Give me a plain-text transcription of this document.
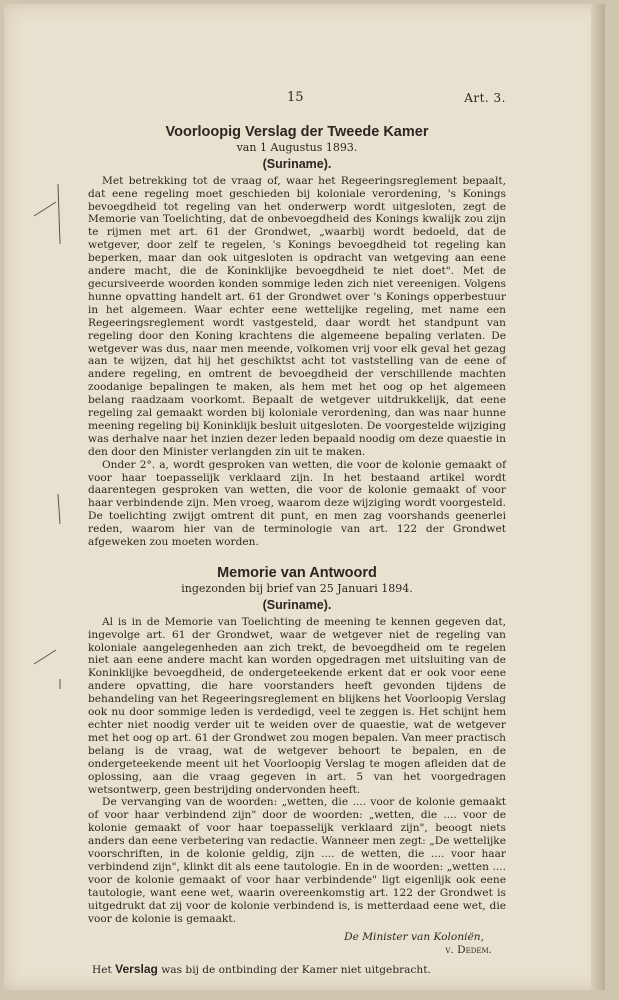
15	Art. 3.
Voorloopig Verslag der Tweede Kamer
van 1 Augustus 1893.
(Suriname).

Met betrekking tot de vraag of, waar het Regeeringsreglement bepaalt, dat eene regeling moet geschieden bij koloniale verordening, 's Konings bevoegdheid tot regeling van het onderwerp wordt uitgesloten, zegt de Memorie van Toelichting, dat de onbevoegdheid des Konings kwalijk zou zijn te rijmen met art. 61 der Grondwet, „waarbij wordt bedoeld, dat de wetgever, door zelf te regelen, 's Konings bevoegdheid tot regeling kan beperken, maar dan ook uitgesloten is opdracht van wetgeving aan eene andere macht, die de Koninklijke bevoegdheid te niet doet". Met de gecursiveerde woorden konden sommige leden zich niet vereenigen. Volgens hunne opvatting handelt art. 61 der Grondwet over 's Konings opperbestuur in het algemeen. Waar echter eene wettelijke regeling, met name een Regeeringsreglement wordt vastgesteld, daar wordt het standpunt van regeling door den Koning krachtens die algemeene bepaling verlaten. De wetgever was dus, naar men meende, volkomen vrij voor elk geval het gezag aan te wijzen, dat hij het geschiktst acht tot vaststelling van de eene of andere regeling, en omtrent de bevoegdheid der verschillende machten zoodanige bepalingen te maken, als hem met het oog op het algemeen belang raadzaam voorkomt. Bepaalt de wetgever uitdrukkelijk, dat eene regeling zal gemaakt worden bij koloniale verordening, dan was naar hunne meening regeling bij Koninklijk besluit uitgesloten. De voorgestelde wijziging was derhalve naar het inzien dezer leden bepaald noodig om deze quaestie in den door den Minister verlangden zin uit te maken.

Onder 2°. a, wordt gesproken van wetten, die voor de kolonie gemaakt of voor haar toepasselijk verklaard zijn. In het bestaand artikel wordt daarentegen gesproken van wetten, die voor de kolonie gemaakt of voor haar verbindende zijn. Men vroeg, waarom deze wijziging wordt voorgesteld. De toelichting zwijgt omtrent dit punt, en men zag voorshands geenerlei reden, waarom hier van de terminologie van art. 122 der Grondwet afgeweken zou moeten worden.

Memorie van Antwoord
ingezonden bij brief van 25 Januari 1894.
(Suriname).

Al is in de Memorie van Toelichting de meening te kennen gegeven dat, ingevolge art. 61 der Grondwet, waar de wetgever niet de regeling van koloniale aangelegenheden aan zich trekt, de bevoegdheid om te regelen niet aan eene andere macht kan worden opgedragen met uitsluiting van de Koninklijke bevoegdheid, de ondergeteekende erkent dat er ook voor eene andere opvatting, die hare voorstanders heeft gevonden tijdens de behandeling van het Regeeringsreglement en blijkens het Voorloopig Verslag ook nu door sommige leden is verdedigd, veel te zeggen is. Het schijnt hem echter niet noodig verder uit te weiden over de quaestie, wat de wetgever met het oog op art. 61 der Grondwet zou mogen bepalen. Van meer practisch belang is de vraag, wat de wetgever behoort te bepalen, en de ondergeteekende meent uit het Voorloopig Verslag te mogen afleiden dat de oplossing, aan die vraag gegeven in art. 5 van het voorgedragen wetsontwerp, geen bestrijding ondervonden heeft.

De vervanging van de woorden: „wetten, die .... voor de kolonie gemaakt of voor haar verbindend zijn" door de woorden: „wetten, die .... voor de kolonie gemaakt of voor haar toepasselijk verklaard zijn", beoogt niets anders dan eene verbetering van redactie. Wanneer men zegt: „De wettelijke voorschriften, in de kolonie geldig, zijn .... de wetten, die .... voor haar verbindend zijn", klinkt dit als eene tautologie. En in de woorden: „wetten .... voor de kolonie gemaakt of voor haar verbindende" ligt eigenlijk ook eene tautologie, want eene wet, waarin overeenkomstig art. 122 der Grondwet is uitgedrukt dat zij voor de kolonie verbindend is, is metterdaad eene wet, die voor de kolonie is gemaakt.

De Minister van Koloniën,
v. Dedem.

Het Verslag was bij de ontbinding der Kamer niet uitgebracht.
